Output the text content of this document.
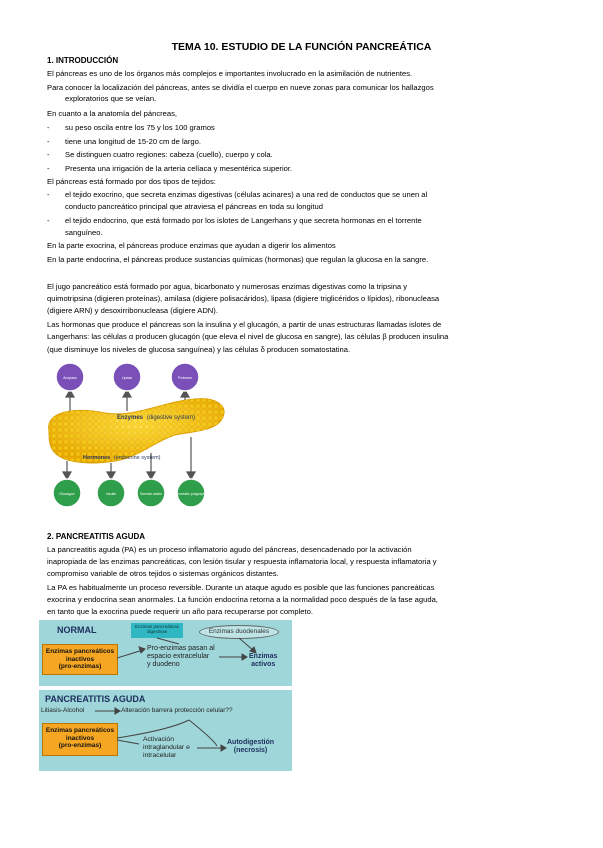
TEMA 10. ESTUDIO DE LA FUNCIÓN PANCREÁTICA
1. INTRODUCCIÓN
El páncreas es uno de los órganos más complejos e importantes involucrado en la asimilación de nutrientes.
Para conocer la localización del páncreas, antes se dividía el cuerpo en nueve zonas para comunicar los hallazgos
exploratorios que se veían.
En cuanto a la anatomía del páncreas,
- su peso oscila entre los 75 y los 100 gramos
- tiene una longitud de 15-20 cm de largo.
- Se distinguen cuatro regiones: cabeza (cuello), cuerpo y cola.
- Presenta una irrigación de la arteria celíaca y mesentérica superior.
El páncreas está formado por dos tipos de tejidos:
- el tejido exocrino, que secreta enzimas digestivas (células acinares) a una red de conductos que se unen al
conducto pancreático principal que atraviesa el páncreas en toda su longitud
- el tejido endocrino, que está formado por los islotes de Langerhans y que secreta hormonas en el torrente
sanguíneo.
En la parte exocrina, el páncreas produce enzimas que ayudan a digerir los alimentos
En la parte endocrina, el páncreas produce sustancias químicas (hormonas) que regulan la glucosa en la sangre.
El jugo pancreático está formado por agua, bicarbonato y numerosas enzimas digestivas como la tripsina y
quimotripsina (digieren proteínas), amilasa (digiere polisacáridos), lipasa (digiere triglicéridos o lípidos), ribonucleasa
(digiere ARN) y desoxirribonucleasa (digiere ADN).
Las hormonas que produce el páncreas son la insulina y el glucagón, a partir de unas estructuras llamadas islotes de
Langerhans: las células α producen glucagón (que eleva el nivel de glucosa en sangre), las células β producen insulina
(que disminuye los niveles de glucosa sanguínea) y las células δ producen somatostatina.
Amylase	Lipase	Protease
Glucagon	Insulin	Somato-statin	Pancreatic polypeptide
Enzymes (digestive system)
Hormones (endocrine system)
2. PANCREATITIS AGUDA
La pancreatitis aguda (PA) es un proceso inflamatorio agudo del páncreas, desencadenado por la activación
inapropiada de las enzimas pancreáticas, con lesión tisular y respuesta inflamatoria local, y respuesta inflamatoria y
compromiso variable de otros tejidos o sistemas orgánicos distantes.
La PA es habitualmente un proceso reversible. Durante un ataque agudo es posible que las funciones pancreáticas
exocrina y endocrina sean anormales. La función endocrina retorna a la normalidad poco después de la fase aguda,
en tanto que la exocrina puede requerir un año para recuperarse por completo.
NORMAL	Enzimas pancreáticas digestivas	Enzimas duodenales
Enzimas pancreáticos
inactivos
(pro-enzimas)
Pro-enzimas pasan al
espacio extracelular
y duodeno
Enzimas
activos
PANCREATITIS AGUDA
Litiasis-Alcohol	Alteración barrera protección celular??
Enzimas pancreáticos
inactivos
(pro-enzimas)
Activación
intraglandular e
intracelular
Autodigestión
(necrosis)
